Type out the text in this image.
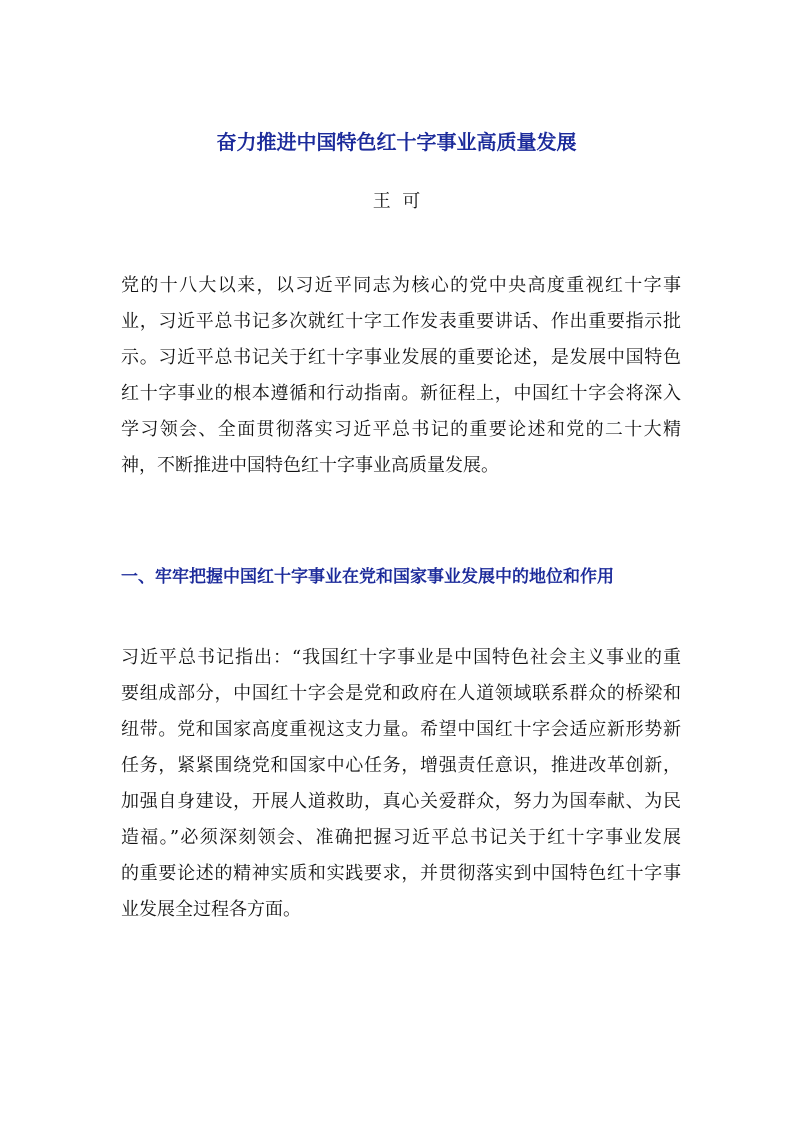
奋力推进中国特色红十字事业高质量发展

王  可

党的十八大以来，以习近平同志为核心的党中央高度重视红十字事
业，习近平总书记多次就红十字工作发表重要讲话、作出重要指示批
示。习近平总书记关于红十字事业发展的重要论述，是发展中国特色
红十字事业的根本遵循和行动指南。新征程上，中国红十字会将深入
学习领会、全面贯彻落实习近平总书记的重要论述和党的二十大精
神，不断推进中国特色红十字事业高质量发展。

一、牢牢把握中国红十字事业在党和国家事业发展中的地位和作用

习近平总书记指出：“我国红十字事业是中国特色社会主义事业的重
要组成部分，中国红十字会是党和政府在人道领域联系群众的桥梁和
纽带。党和国家高度重视这支力量。希望中国红十字会适应新形势新
任务，紧紧围绕党和国家中心任务，增强责任意识，推进改革创新，
加强自身建设，开展人道救助，真心关爱群众，努力为国奉献、为民
造福。”必须深刻领会、准确把握习近平总书记关于红十字事业发展
的重要论述的精神实质和实践要求，并贯彻落实到中国特色红十字事
业发展全过程各方面。
